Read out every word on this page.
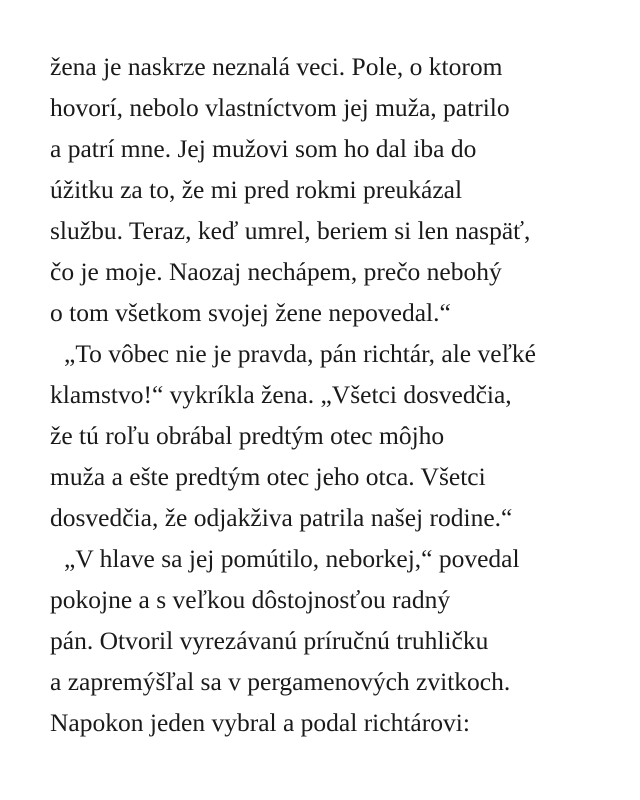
žena je naskrze neznalá veci. Pole, o ktorom
hovorí, nebolo vlastníctvom jej muža, patrilo
a patrí mne. Jej mužovi som ho dal iba do
úžitku za to, že mi pred rokmi preukázal
službu. Teraz, keď umrel, beriem si len naspäť,
čo je moje. Naozaj nechápem, prečo nebohý
o tom všetkom svojej žene nepovedal.“
„To vôbec nie je pravda, pán richtár, ale veľké
klamstvo!“ vykríkla žena. „Všetci dosvedčia,
že tú roľu obrábal predtým otec môjho
muža a ešte predtým otec jeho otca. Všetci
dosvedčia, že odjakživa patrila našej rodine.“
„V hlave sa jej pomútilo, neborkej,“ povedal
pokojne a s veľkou dôstojnosťou radný
pán. Otvoril vyrezávanú príručnú truhličku
a zapremýšľal sa v pergamenových zvitkoch.
Napokon jeden vybral a podal richtárovi:
